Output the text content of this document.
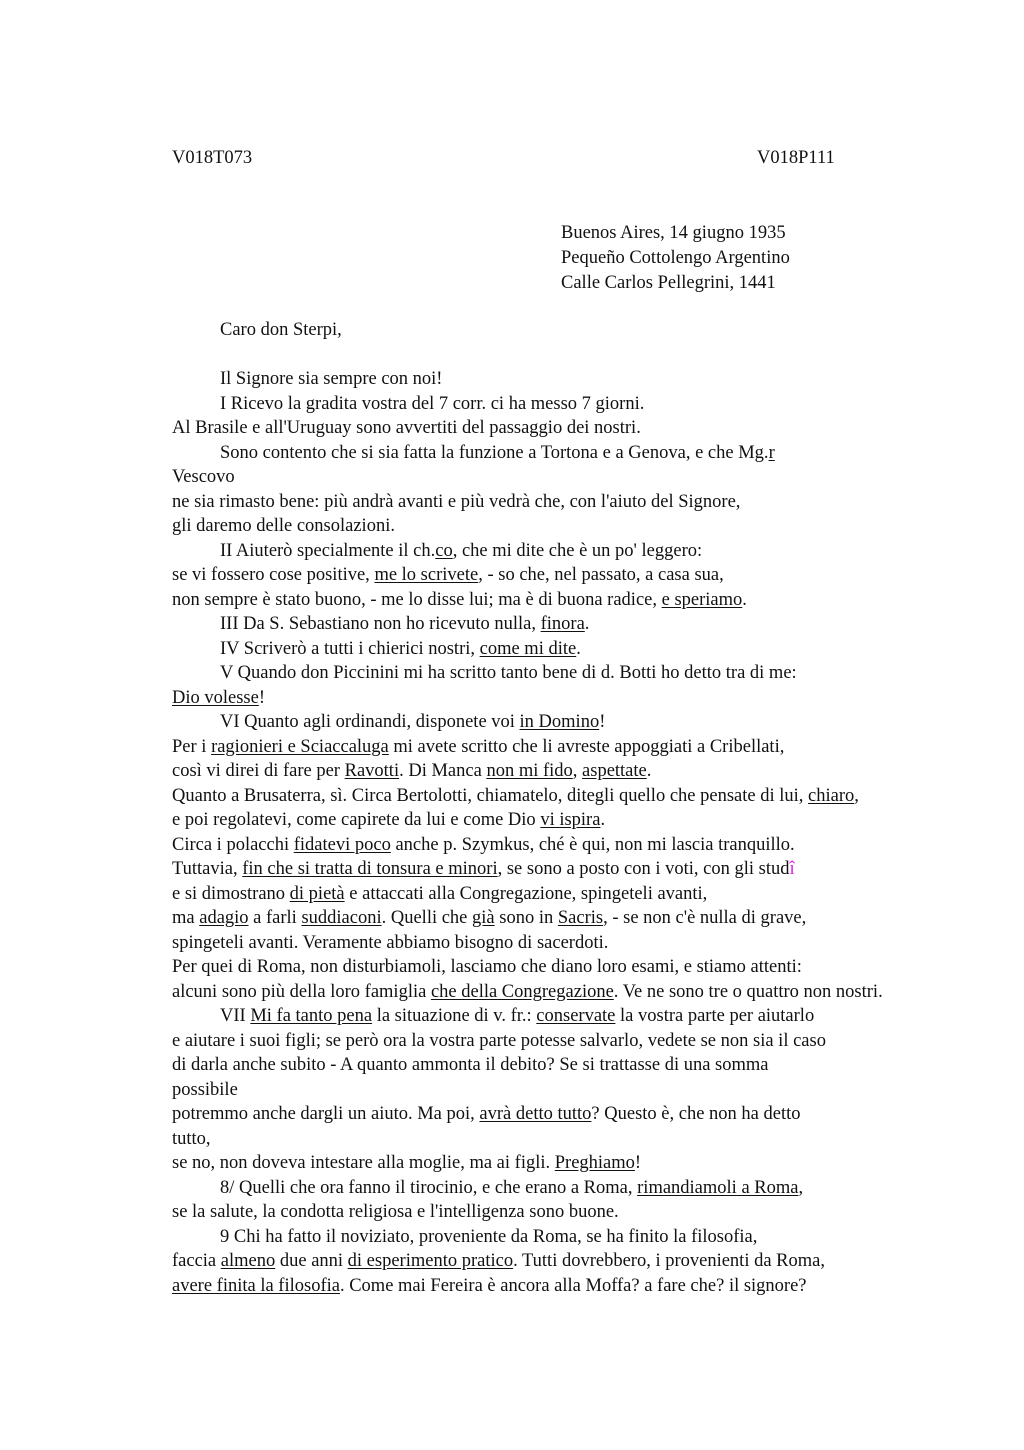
V018T073	V018P111
Buenos Aires, 14 giugno 1935
Pequeño Cottolengo Argentino
Calle Carlos Pellegrini, 1441
Caro don Sterpi,
Il Signore sia sempre con noi!
I Ricevo la gradita vostra del 7 corr. ci ha messo 7 giorni.
Al Brasile e all'Uruguay sono avvertiti del passaggio dei nostri.
Sono contento che si sia fatta la funzione a Tortona e a Genova, e che Mg.r
Vescovo
ne sia rimasto bene: più andrà avanti e più vedrà che, con l'aiuto del Signore,
gli daremo delle consolazioni.
II Aiuterò specialmente il ch.co, che mi dite che è un po' leggero:
se vi fossero cose positive, me lo scrivete, - so che, nel passato, a casa sua,
non sempre è stato buono, - me lo disse lui; ma è di buona radice, e speriamo.
III Da S. Sebastiano non ho ricevuto nulla, finora.
IV Scriverò a tutti i chierici nostri, come mi dite.
V Quando don Piccinini mi ha scritto tanto bene di d. Botti ho detto tra di me:
Dio volesse!
VI Quanto agli ordinandi, disponete voi in Domino!
Per i ragionieri e Sciaccaluga mi avete scritto che li avreste appoggiati a Cribellati,
così vi direi di fare per Ravotti. Di Manca non mi fido, aspettate.
Quanto a Brusaterra, sì. Circa Bertolotti, chiamatelo, ditegli quello che pensate di lui, chiaro,
e poi regolatevi, come capirete da lui e come Dio vi ispira.
Circa i polacchi fidatevi poco anche p. Szymkus, ché è qui, non mi lascia tranquillo.
Tuttavia, fin che si tratta di tonsura e minori, se sono a posto con i voti, con gli studî
e si dimostrano di pietà e attaccati alla Congregazione, spingeteli avanti,
ma adagio a farli suddiaconi. Quelli che già sono in Sacris, - se non c'è nulla di grave,
spingeteli avanti. Veramente abbiamo bisogno di sacerdoti.
Per quei di Roma, non disturbiamoli, lasciamo che diano loro esami, e stiamo attenti:
alcuni sono più della loro famiglia che della Congregazione. Ve ne sono tre o quattro non nostri.
VII Mi fa tanto pena la situazione di v. fr.: conservate la vostra parte per aiutarlo
e aiutare i suoi figli; se però ora la vostra parte potesse salvarlo, vedete se non sia il caso
di darla anche subito - A quanto ammonta il debito? Se si trattasse di una somma
possibile
potremmo anche dargli un aiuto. Ma poi, avrà detto tutto? Questo è, che non ha detto
tutto,
se no, non doveva intestare alla moglie, ma ai figli. Preghiamo!
8/ Quelli che ora fanno il tirocinio, e che erano a Roma, rimandiamoli a Roma,
se la salute, la condotta religiosa e l'intelligenza sono buone.
9 Chi ha fatto il noviziato, proveniente da Roma, se ha finito la filosofia,
faccia almeno due anni di esperimento pratico. Tutti dovrebbero, i provenienti da Roma,
avere finita la filosofia. Come mai Fereira è ancora alla Moffa? a fare che? il signore?
